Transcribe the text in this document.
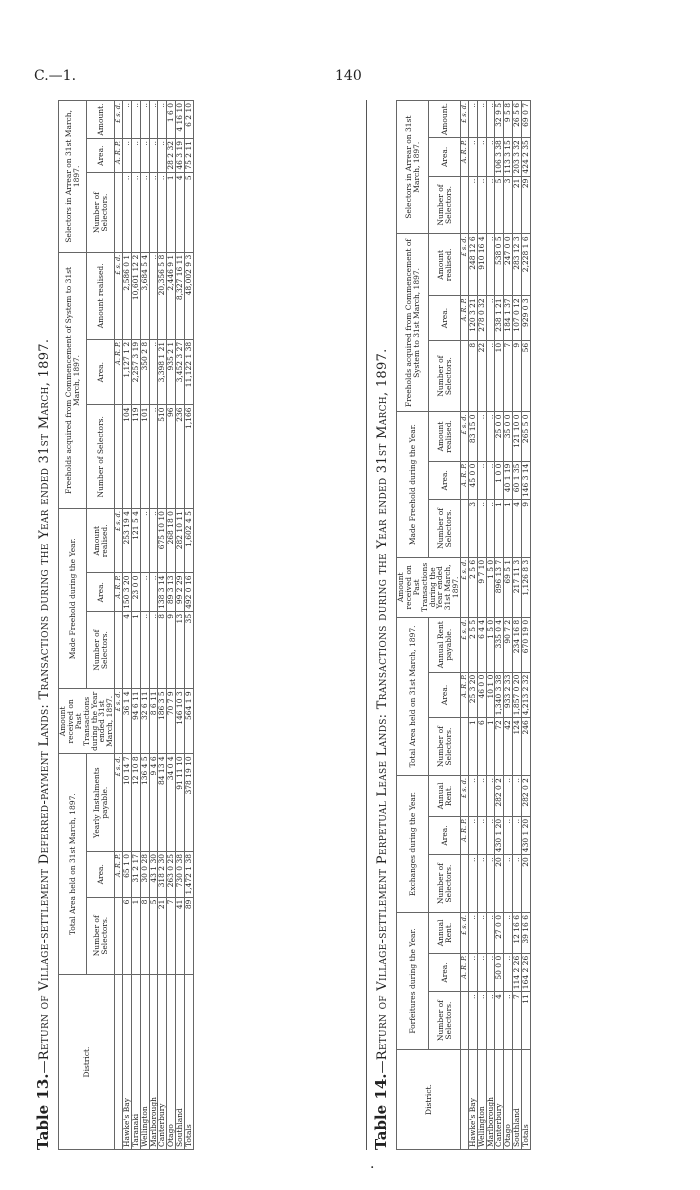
C.—1.	140
Table 13.—Return of Village-settlement Deferred-payment Lands: Transactions during the Year ended 31st March, 1897.	District.	Total Area held on 31st March, 1897.			Amount received on Past Transactions during the Year ended 31st March, 1897.	Made Freehold during the Year.			Freeholds acquired from Commencement of System to 31st March, 1897.			Selectors in Arrear on 31st March, 1897.		
	Number of Selectors.	Area.	Yearly Instalments payable.		Number of Selectors.	Area.	Amount realised.	Number of Selectors.	Area.	Amount realised.	Number of Selectors.	Area.	Amount.
		A. R. P.	£ s. d.	£ s. d.		A. R. P.	£ s. d.		A. R. P.	£ s. d.		A. R. P.	£ s. d.
Hawke's Bay	6	65 1 0	10 14 7	36 1 4	4	150 3 20	253 19 4	104	1,127 1 2	2,586 0 1	..	..	..
Taranaki	1	31 2 17	12 10 8	94 6 11	1	23 0 0	121 5 4	119	2,257 3 19	10,601 12 2	..	..	..
Wellington	8	30 0 28	136 4 5	32 6 11	..	..	..	101	350 2 8	3,684 5 4	..	..	..
Marlborough	5	43 1 30	9 4 6	8 6 11	..	..	..	..	..	..	..	..	..
Canterbury	21	318 2 30	84 13 4	186 3 5	8	138 3 14	675 10 10	510	3,398 1 21	20,356 5 8	..	..	..
Otago	7	263 0 25	34 0 4	70 7 9	9	89 3 13	268 18 0	96	935 2 1	2,446 9 1	1	28 2 32	1 6 0
Southland	41	730 0 38	91 11 10	146 10 3	13	99 2 29	282 10 11	236	3,452 3 27	8,327 16 11	4	46 3 19	4 16 10
Totals	89	1,472 1 38	378 19 10	564 1 9	35	492 0 16	1,602 4 5	1,166	11,122 1 38	48,002 9 3	5	75 2 11	6 2 10
Table 14.—Return of Village-settlement Perpetual Lease Lands: Transactions during the Year ended 31st March, 1897.
District.	Forfeitures during the Year.			Exchanges during the Year.			Total Area held on 31st March, 1897.			Amount received on Past Transactions during the Year ended 31st March, 1897.	Made Freehold during the Year.			Freeholds acquired from Commencement of System to 31st March, 1897.			Selectors in Arrear on 31st March, 1897.		
	Number of Selectors.	Area.	Annual Rent.	Number of Selectors.	Area.	Annual Rent.	Number of Selectors.	Area.	Annual Rent payable.		Number of Selectors.	Area.	Amount realised.	Number of Selectors.	Area.	Amount realised.	Number of Selectors.	Area.	Amount.
		A. R. P.	£ s. d.		A. R. P.	£ s. d.		A. R. P.	£ s. d.	£ s. d.		A. R. P.	£ s. d.		A. R. P.	£ s. d.		A. R. P.	£ s. d.
Hawke's Bay	..	..	..	..	..	..	1	25 3 20	2 5 5	2 5 6	3	45 0 0	83 15 0	8	120 3 21	248 12 6	..	..	..
Wellington	..	..	..	..	..	..	6	46 0 0	6 4 4	9 7 10	..	..	..	22	278 0 32	910 16 4	..	..	..
Marlborough	..	..	..	..	..	..	1	10 1 0	1 5 0	1 5 0	..	..	..	..	..	..	..	..	..
Canterbury	4	50 0 0	27 0 0	20	430 1 20	282 0 2	72	1,340 3 38	335 0 4	896 13 7	1	1 0 0	25 0 0	10	238 1 21	538 0 5	5	106 3 38	32 9 5
Otago	..	..	..	..	..	..	42	933 2 33	90 7 2	69 5 1	1	40 1 19	35 0 0	7	184 1 37	247 0 0	3	113 3 15	9 5 8
Southland	7	114 2 26	12 16 6	..	..	..	124	1,857 0 20	234 16 8	217 11 3	4	60 1 35	121 10 0	9	107 0 12	283 12 3	21	203 3 32	26 5 6
Totals	11	164 2 26	39 16 6	20	430 1 20	282 0 2	246	4,213 2 32	670 19 0	1,126 8 3	9	146 3 14	265 5 0	56	929 0 3	2,228 1 6	29	424 2 35	69 0 7
·
